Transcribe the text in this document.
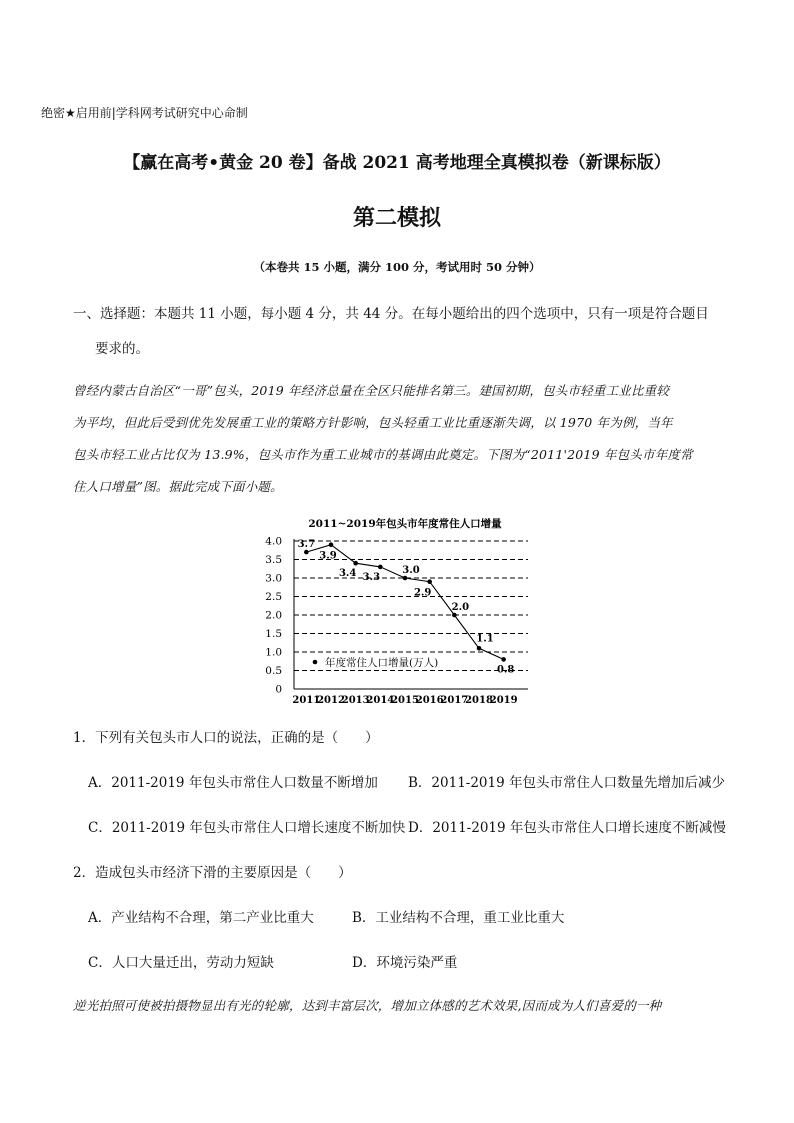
绝密★启用前|学科网考试研究中心命制
【赢在高考•黄金 20 卷】备战 2021 高考地理全真模拟卷（新课标版）
第二模拟
（本卷共 15 小题，满分 100 分，考试用时 50 分钟）
一、选择题：本题共 11 小题，每小题 4 分，共 44 分。在每小题给出的四个选项中，只有一项是符合题目
要求的。
曾经内蒙古自治区“一哥”包头，2019 年经济总量在全区只能排名第三。建国初期，包头市轻重工业比重较
为平均，但此后受到优先发展重工业的策略方针影响，包头轻重工业比重逐渐失调，以 1970 年为例，当年
包头市轻工业占比仅为 13.9%，包头市作为重工业城市的基调由此奠定。下图为“2011'2019 年包头市年度常
住人口增量”图。据此完成下面小题。
2011~2019年包头市年度常住人口增量
0
0.5
1.0
1.5
2.0
2.5
3.0
3.5
4.0
2011
2012
2013
2014
2015
2016
2017
2018
2019
3.7
3.9
3.4 3.3
3.0
2.9
2.0
1.1
0.8
年度常住人口增量(万人)
1．下列有关包头市人口的说法，正确的是（　　）
A．2011-2019 年包头市常住人口数量不断增加 B．2011-2019 年包头市常住人口数量先增加后减少
C．2011-2019 年包头市常住人口增长速度不断加快 D．2011-2019 年包头市常住人口增长速度不断减慢
2．造成包头市经济下滑的主要原因是（　　）
A．产业结构不合理，第二产业比重大	B．工业结构不合理，重工业比重大
C．人口大量迁出，劳动力短缺	D．环境污染严重
逆光拍照可使被拍摄物显出有光的轮廓，达到丰富层次，增加立体感的艺术效果,因而成为人们喜爱的一种
